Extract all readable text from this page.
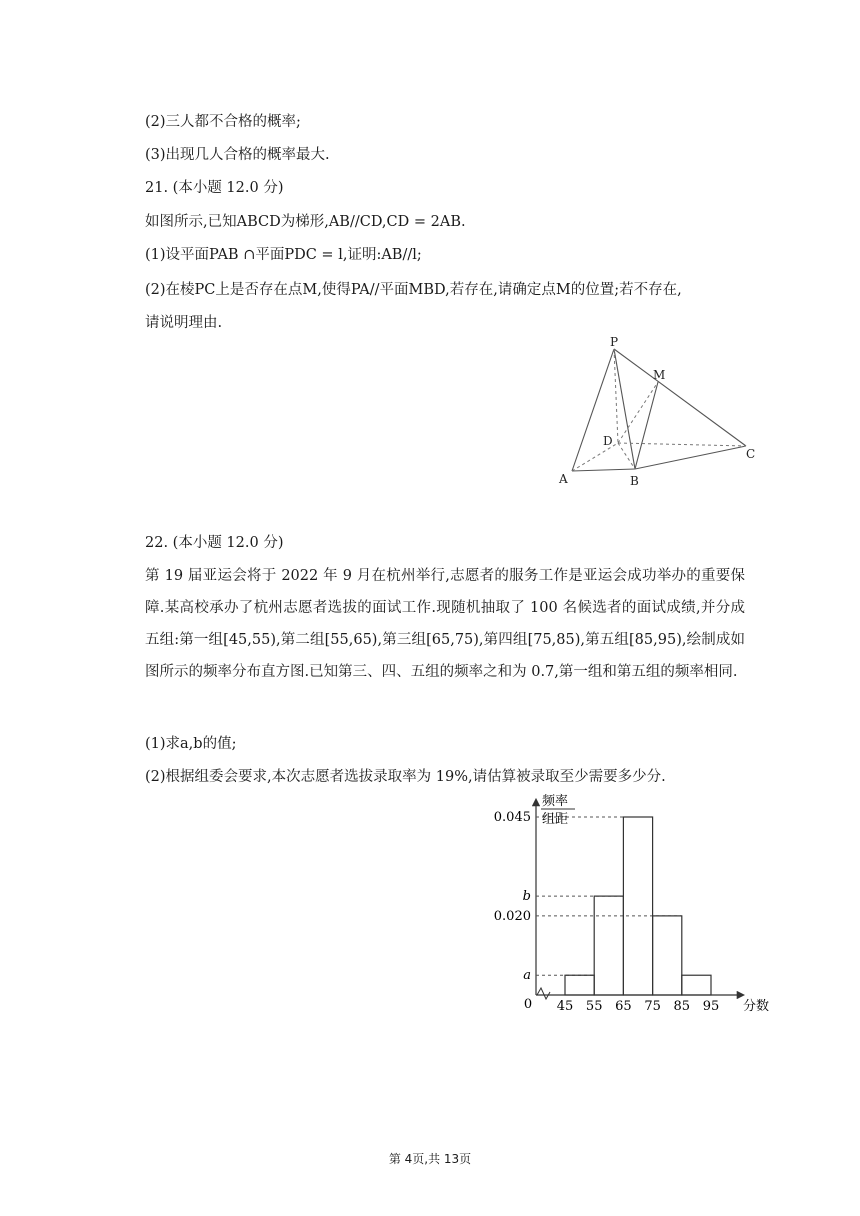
(2)三人都不合格的概率;
(3)出现几人合格的概率最大.
21. (本小题 12.0 分)
如图所示,已知ABCD为梯形,AB//CD,CD = 2AB.
(1)设平面PAB ∩平面PDC = l,证明:AB//l;
(2)在棱PC上是否存在点M,使得PA//平面MBD,若存在,请确定点M的位置;若不存在,
请说明理由.
P
M
D
C
A	B
22. (本小题 12.0 分)
第 19 届亚运会将于 2022 年 9 月在杭州举行,志愿者的服务工作是亚运会成功举办的重要保障.某高校承办了杭州志愿者选拔的面试工作.现随机抽取了 100 名候选者的面试成绩,并分成五组:第一组[45,55),第二组[55,65),第三组[65,75),第四组[75,85),第五组[85,95),绘制成如图所示的频率分布直方图.已知第三、四、五组的频率之和为 0.7,第一组和第五组的频率相同.
(1)求a,b的值;
(2)根据组委会要求,本次志愿者选拔录取率为 19%,请估算被录取至少需要多少分.
0
频率
组距
分数
a
0.020
b
0.045
45 55 65 75 85 95
第 4页,共 13页
